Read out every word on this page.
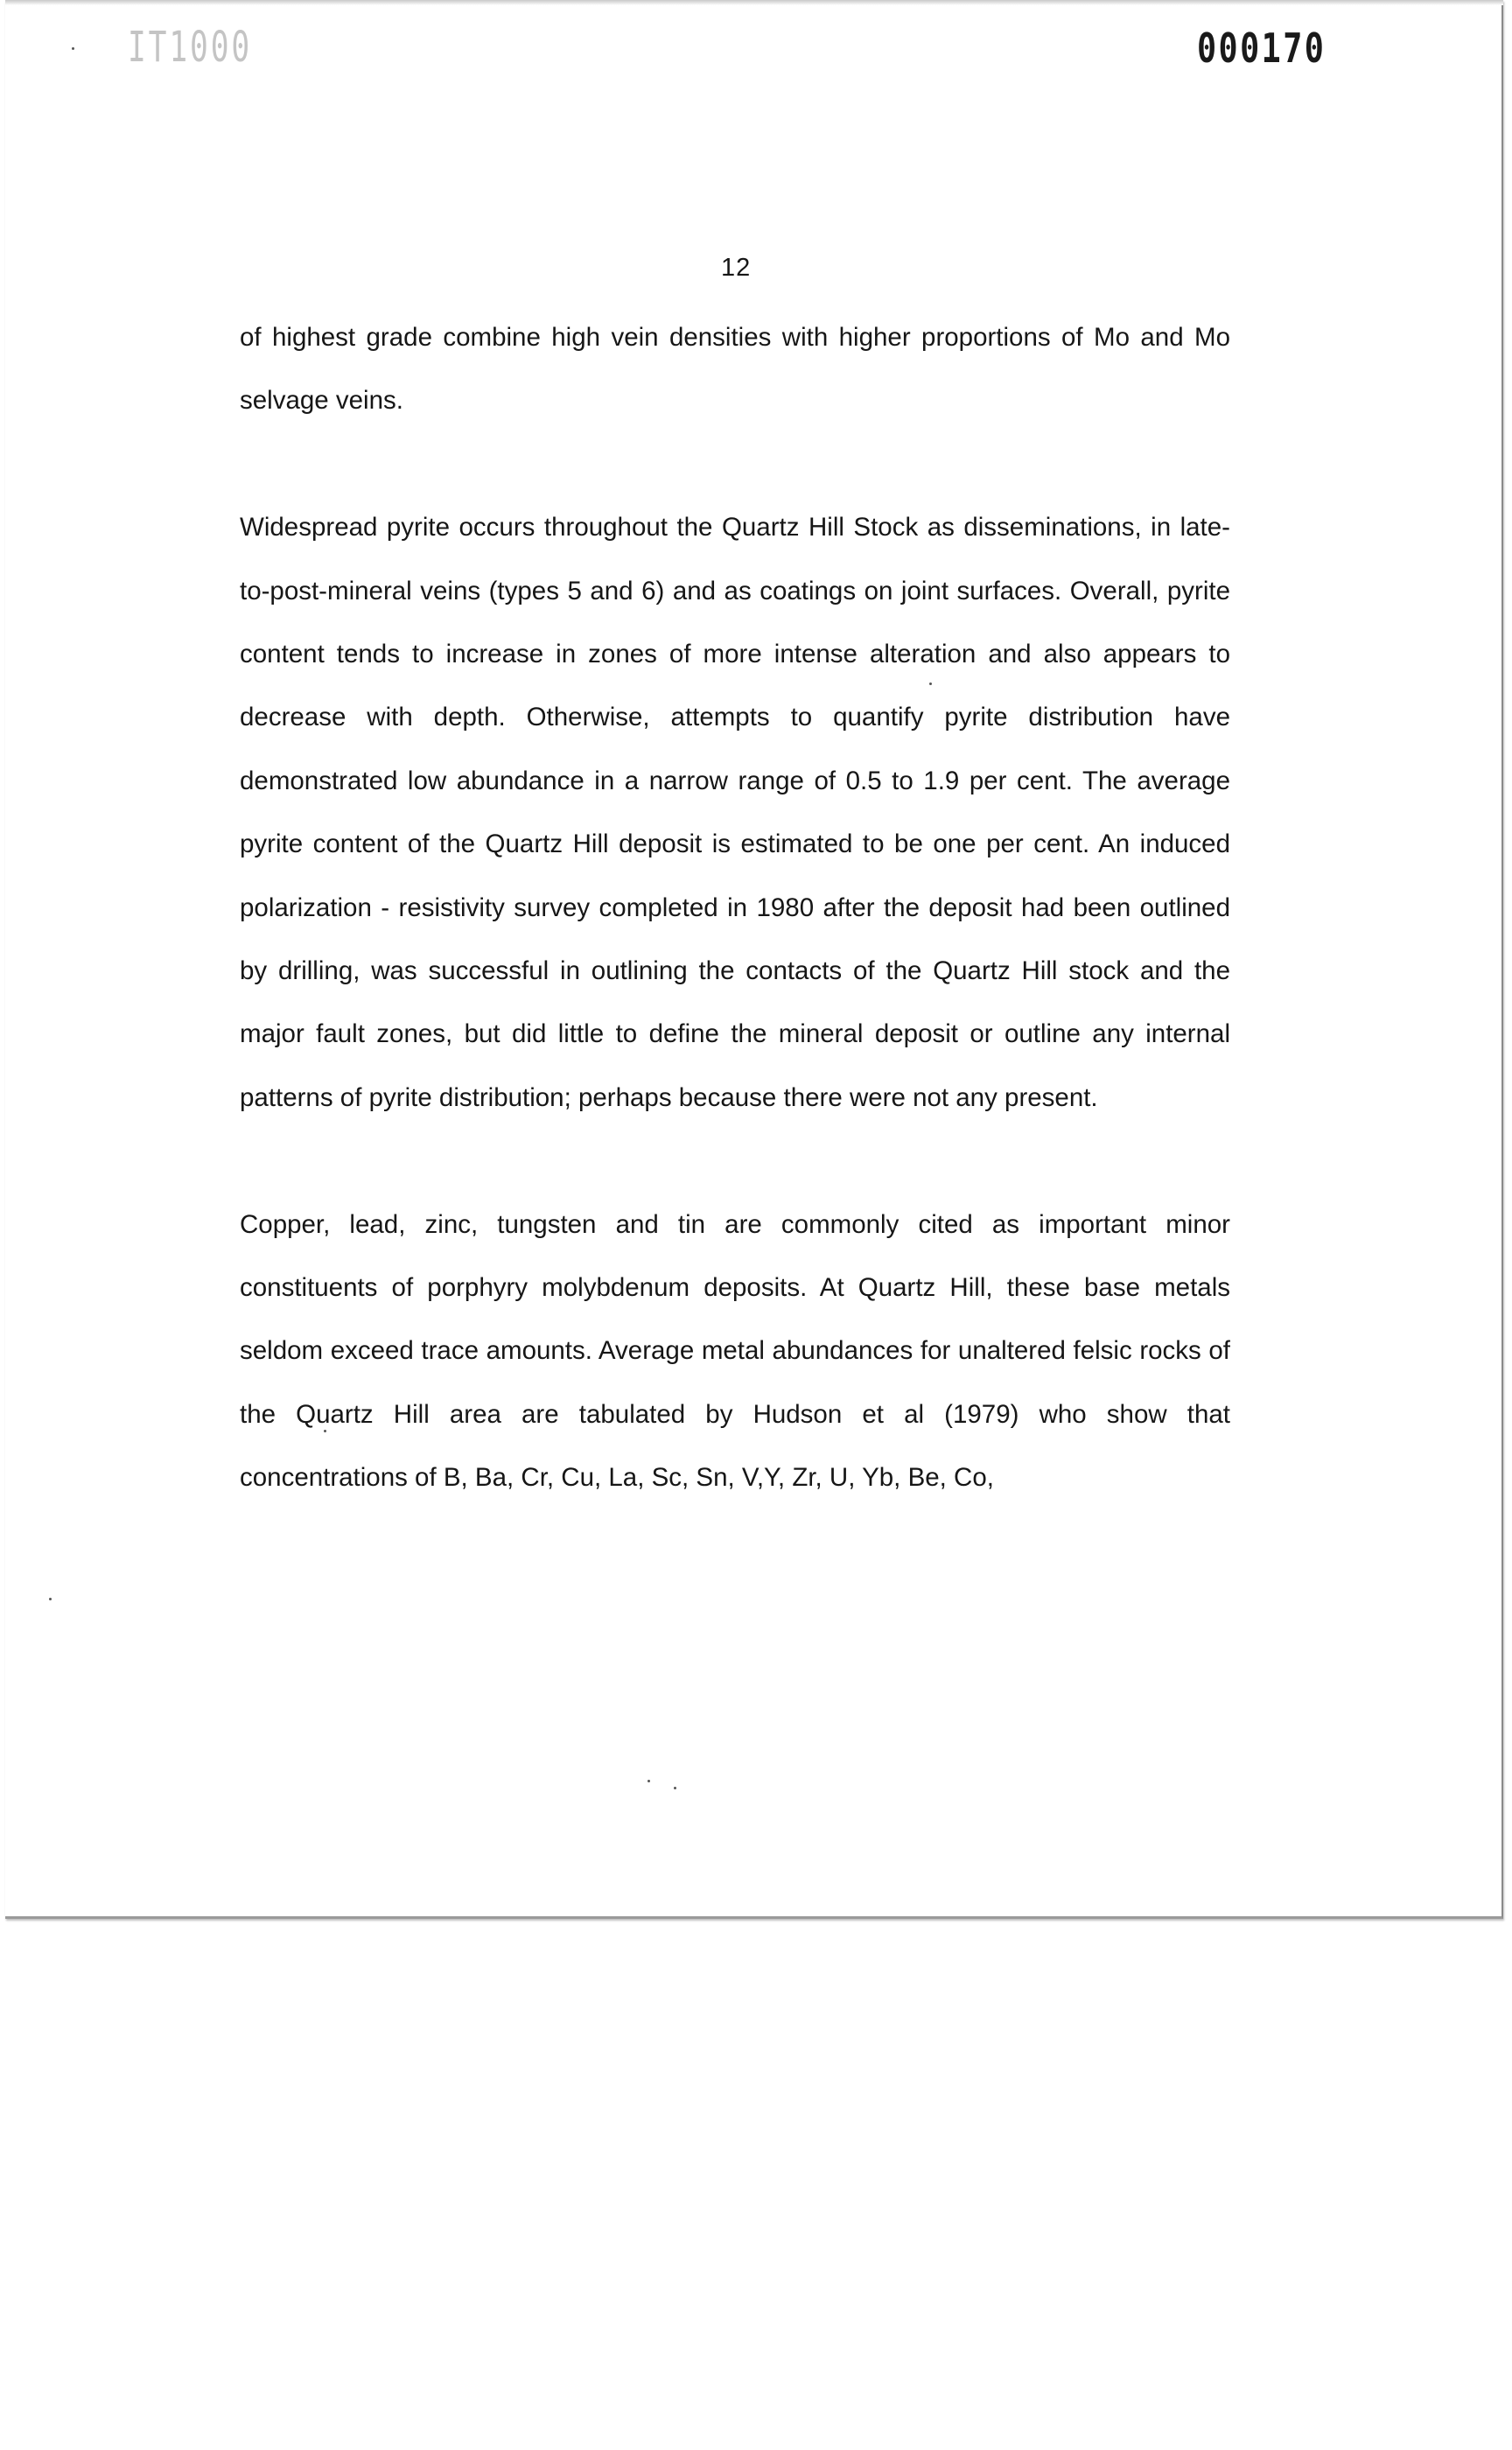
IT1000	000170
12

of highest grade combine high vein densities with higher proportions of Mo and Mo selvage veins.

Widespread pyrite occurs throughout the Quartz Hill Stock as disseminations, in late-to-post-mineral veins (types 5 and 6) and as coatings on joint surfaces. Overall, pyrite content tends to increase in zones of more intense alteration and also appears to decrease with depth. Otherwise, attempts to quantify pyrite distribution have demonstrated low abundance in a narrow range of 0.5 to 1.9 per cent. The average pyrite content of the Quartz Hill deposit is estimated to be one per cent. An induced polarization - resistivity survey completed in 1980 after the deposit had been outlined by drilling, was successful in outlining the contacts of the Quartz Hill stock and the major fault zones, but did little to define the mineral deposit or outline any internal patterns of pyrite distribution; perhaps because there were not any present.

Copper, lead, zinc, tungsten and tin are commonly cited as important minor constituents of porphyry molybdenum deposits. At Quartz Hill, these base metals seldom exceed trace amounts. Average metal abundances for unaltered felsic rocks of the Quartz Hill area are tabulated by Hudson et al (1979) who show that concentrations of B, Ba, Cr, Cu, La, Sc, Sn, V,Y, Zr, U, Yb, Be, Co,
